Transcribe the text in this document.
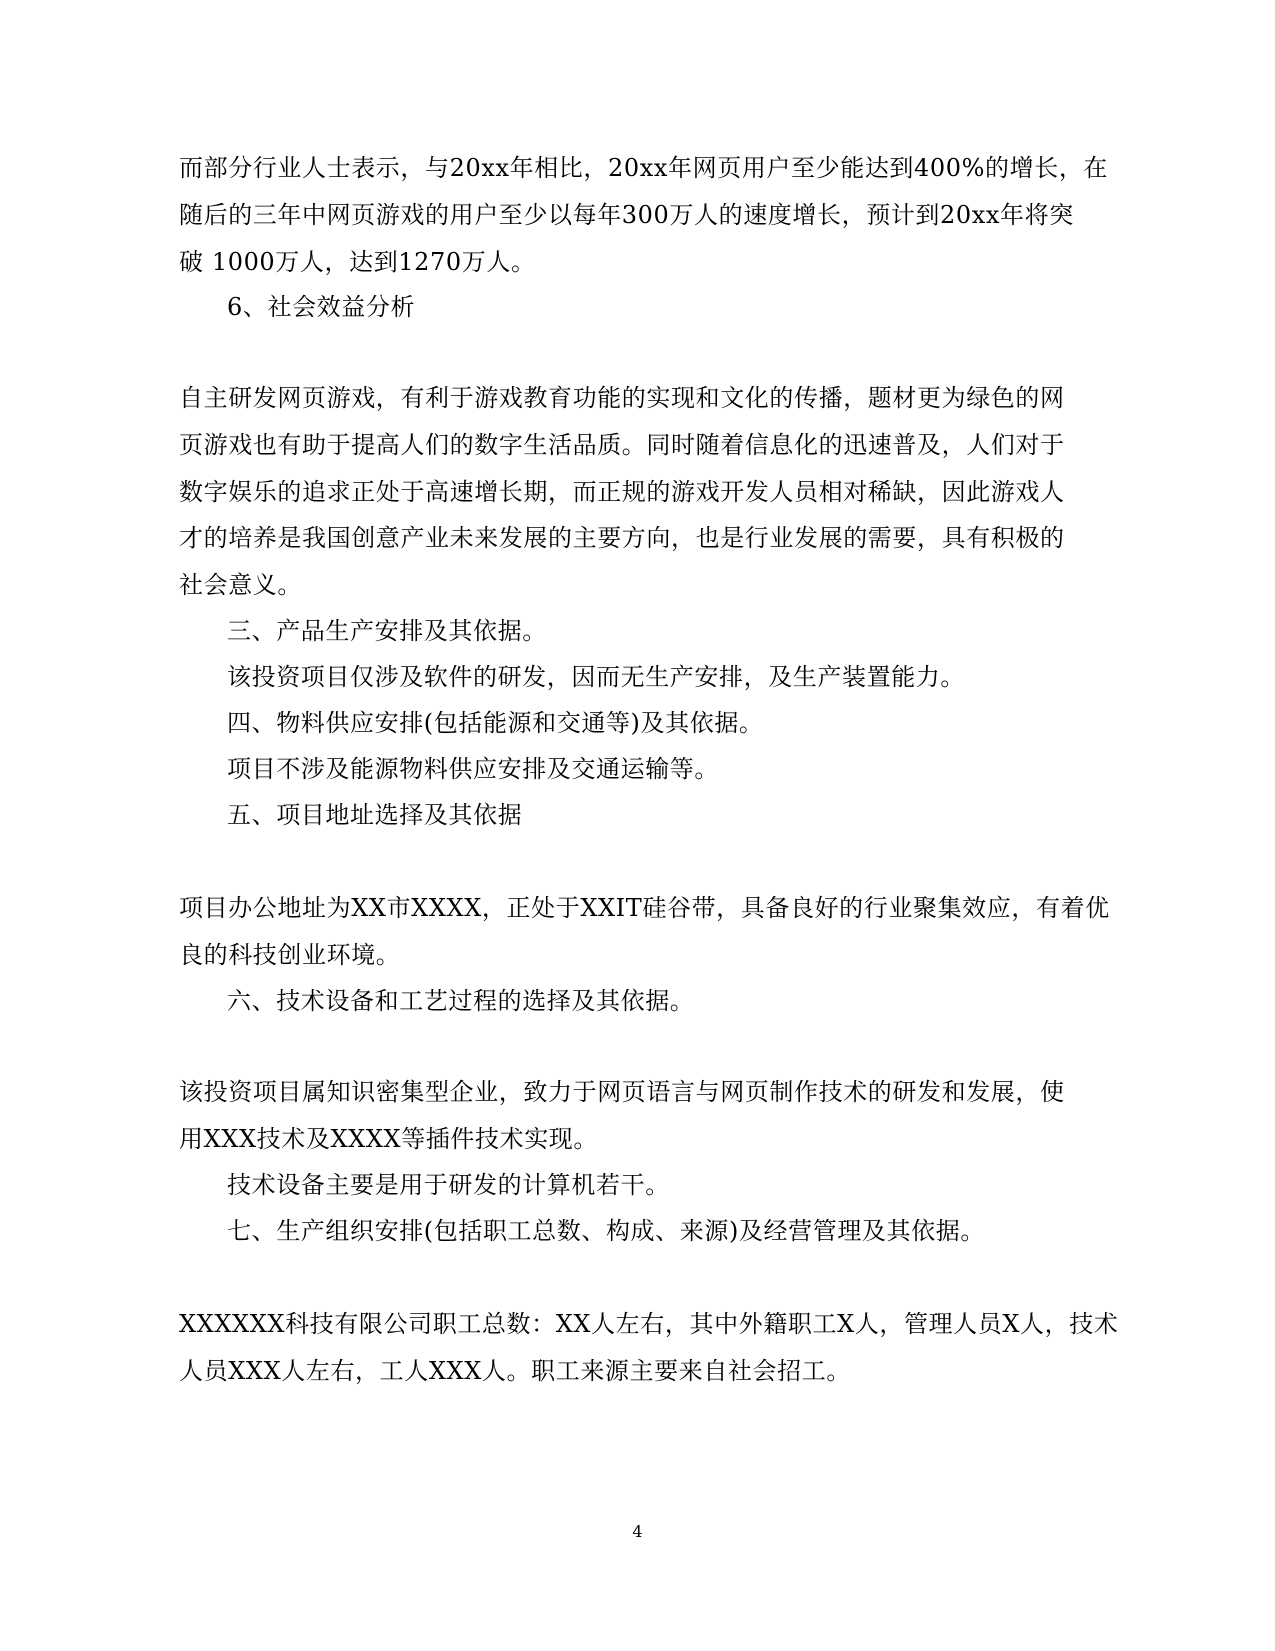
而部分行业人士表示，与20xx年相比，20xx年网页用户至少能达到400%的增长，在
随后的三年中网页游戏的用户至少以每年300万人的速度增长，预计到20xx年将突
破 1000万人，达到1270万人。
6、社会效益分析
自主研发网页游戏，有利于游戏教育功能的实现和文化的传播，题材更为绿色的网
页游戏也有助于提高人们的数字生活品质。同时随着信息化的迅速普及，人们对于
数字娱乐的追求正处于高速增长期，而正规的游戏开发人员相对稀缺，因此游戏人
才的培养是我国创意产业未来发展的主要方向，也是行业发展的需要，具有积极的
社会意义。
三、产品生产安排及其依据。
该投资项目仅涉及软件的研发，因而无生产安排，及生产装置能力。
四、物料供应安排(包括能源和交通等)及其依据。
项目不涉及能源物料供应安排及交通运输等。
五、项目地址选择及其依据
项目办公地址为XX市XXXX，正处于XXIT硅谷带，具备良好的行业聚集效应，有着优
良的科技创业环境。
六、技术设备和工艺过程的选择及其依据。
该投资项目属知识密集型企业，致力于网页语言与网页制作技术的研发和发展，使
用XXX技术及XXXX等插件技术实现。
技术设备主要是用于研发的计算机若干。
七、生产组织安排(包括职工总数、构成、来源)及经营管理及其依据。
XXXXXX科技有限公司职工总数：XX人左右，其中外籍职工X人，管理人员X人，技术
人员XXX人左右，工人XXX人。职工来源主要来自社会招工。
4
